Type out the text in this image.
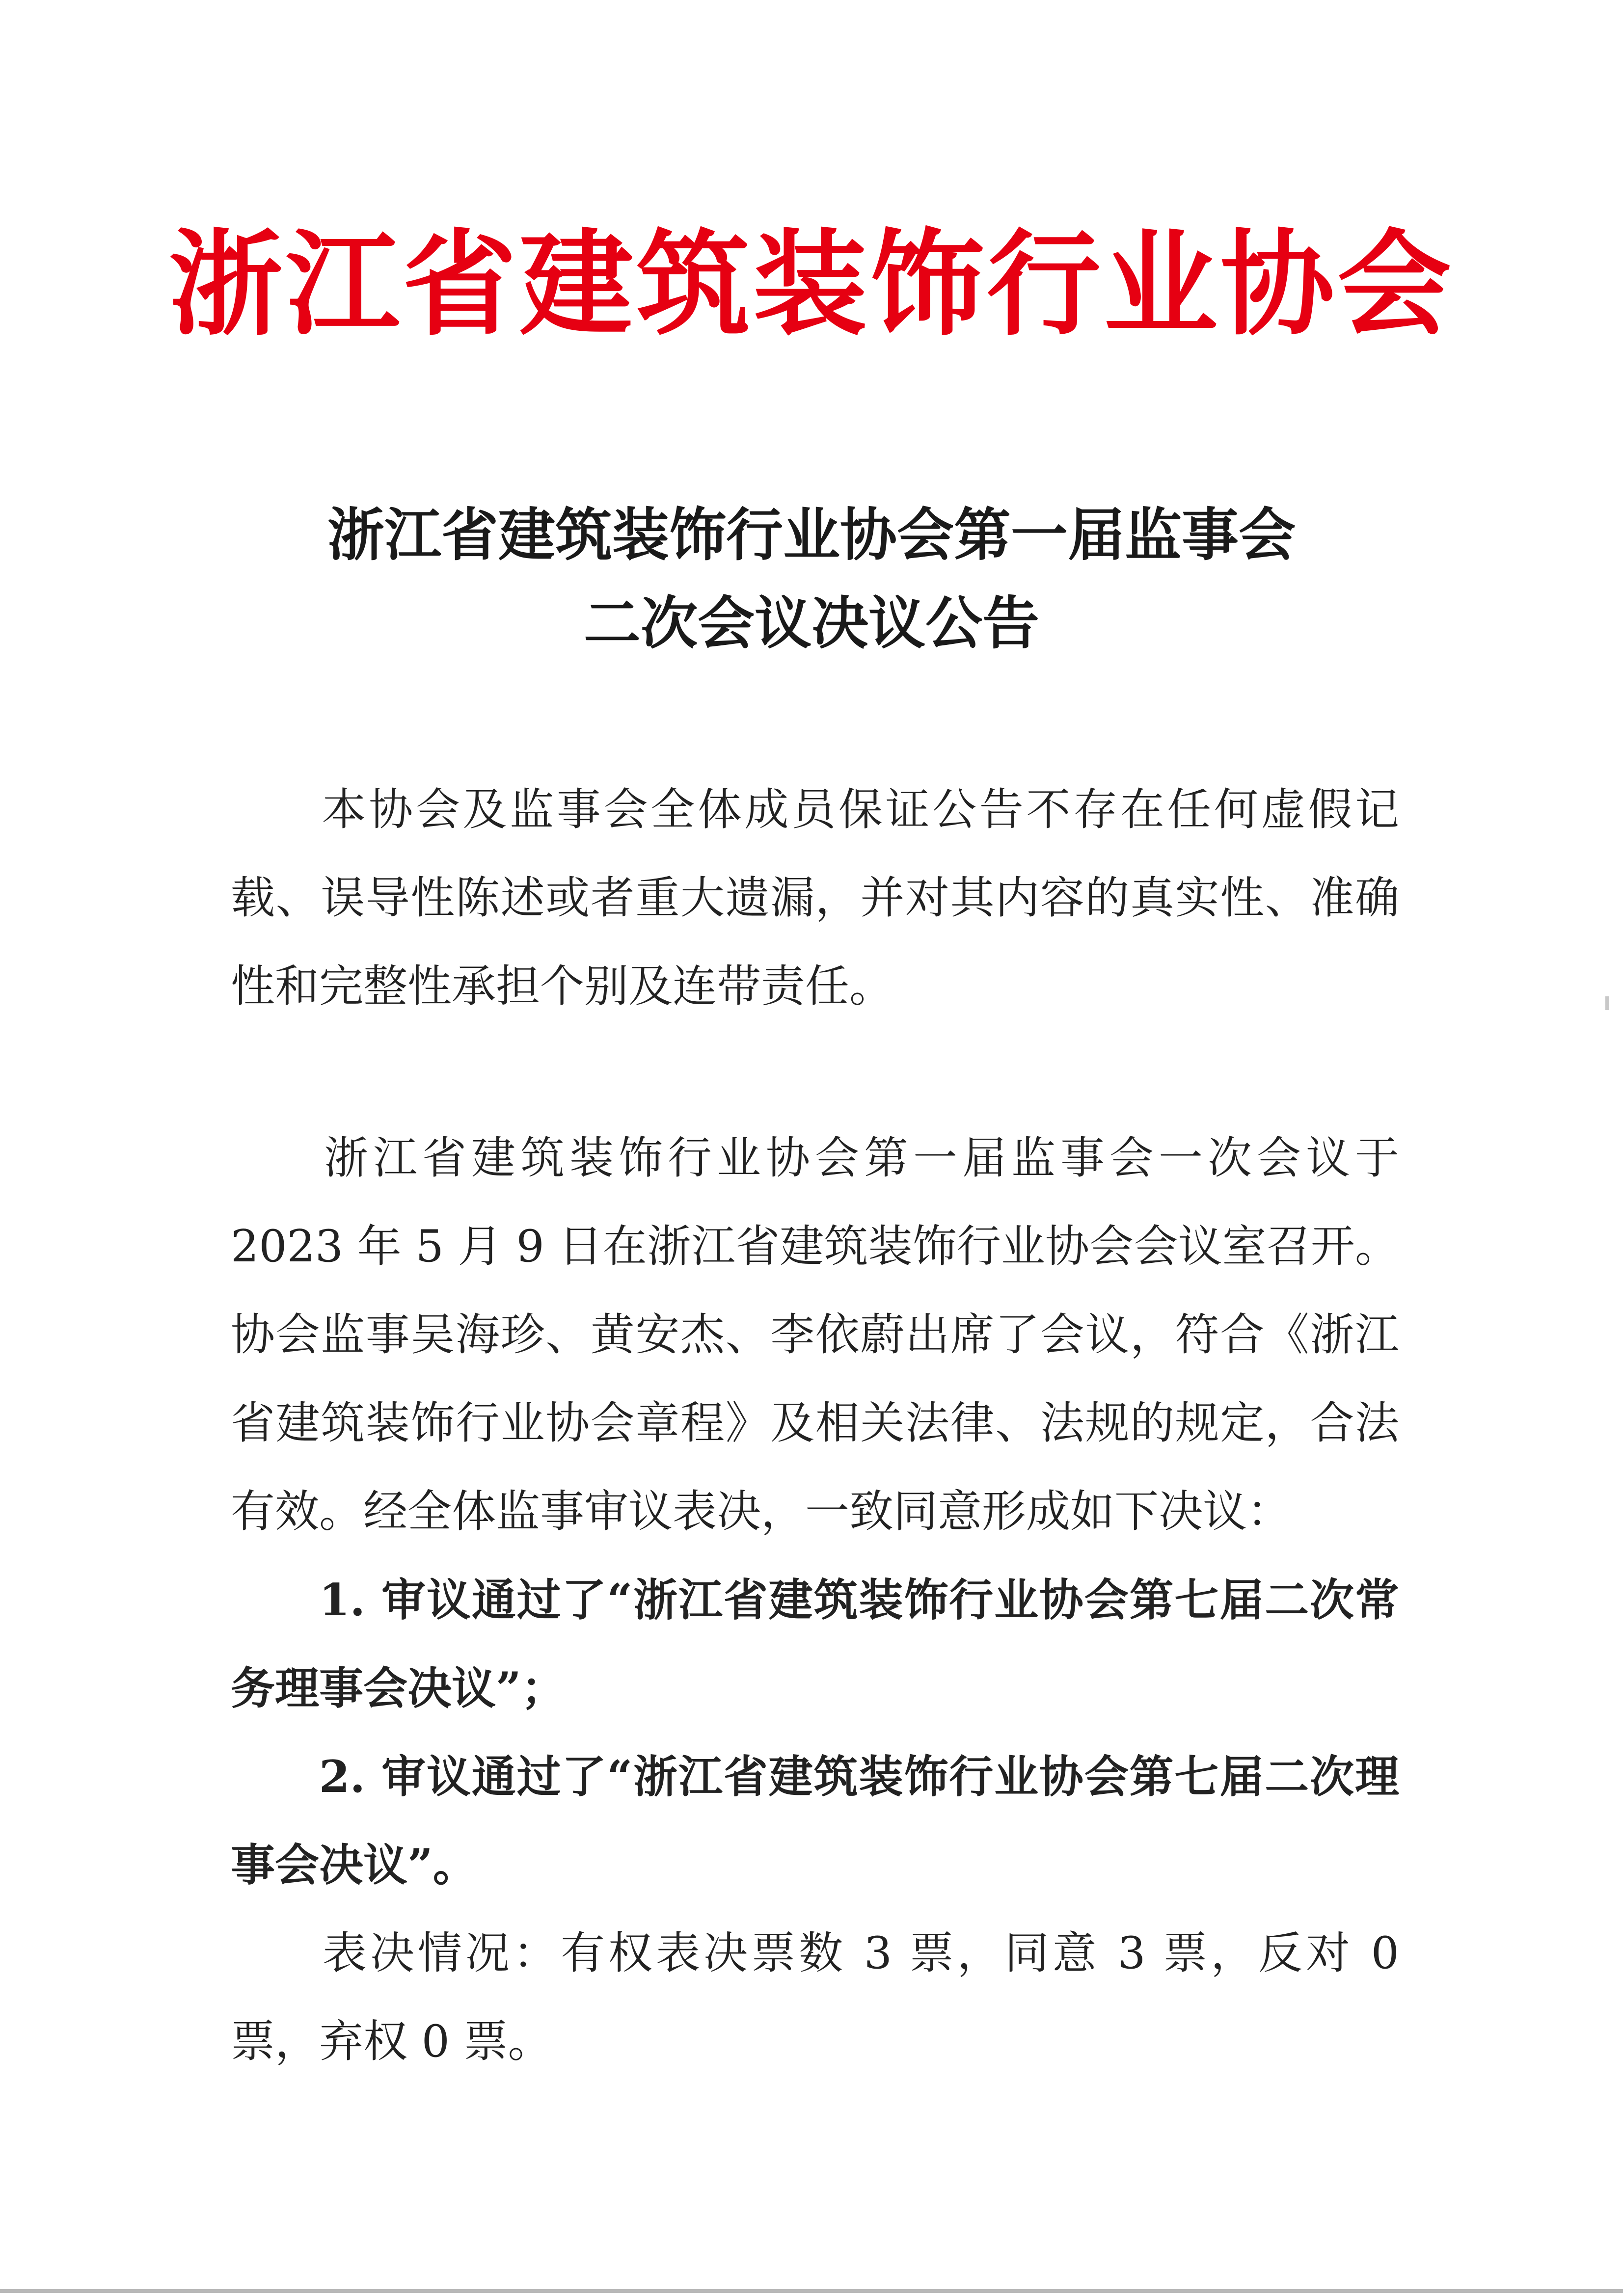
浙江省建筑装饰行业协会
浙江省建筑装饰行业协会第一届监事会
二次会议决议公告
本协会及监事会全体成员保证公告不存在任何虚假记载、误导性陈述或者重大遗漏，并对其内容的真实性、准确性和完整性承担个别及连带责任。
浙江省建筑装饰行业协会第一届监事会一次会议于 2023 年 5 月 9 日在浙江省建筑装饰行业协会会议室召开。协会监事吴海珍、黄安杰、李依蔚出席了会议，符合《浙江省建筑装饰行业协会章程》及相关法律、法规的规定，合法有效。经全体监事审议表决，一致同意形成如下决议：
1. 审议通过了“浙江省建筑装饰行业协会第七届二次常务理事会决议”；
2. 审议通过了“浙江省建筑装饰行业协会第七届二次理事会决议”。
表决情况：有权表决票数 3 票，同意 3 票，反对 0 票，弃权 0 票。
